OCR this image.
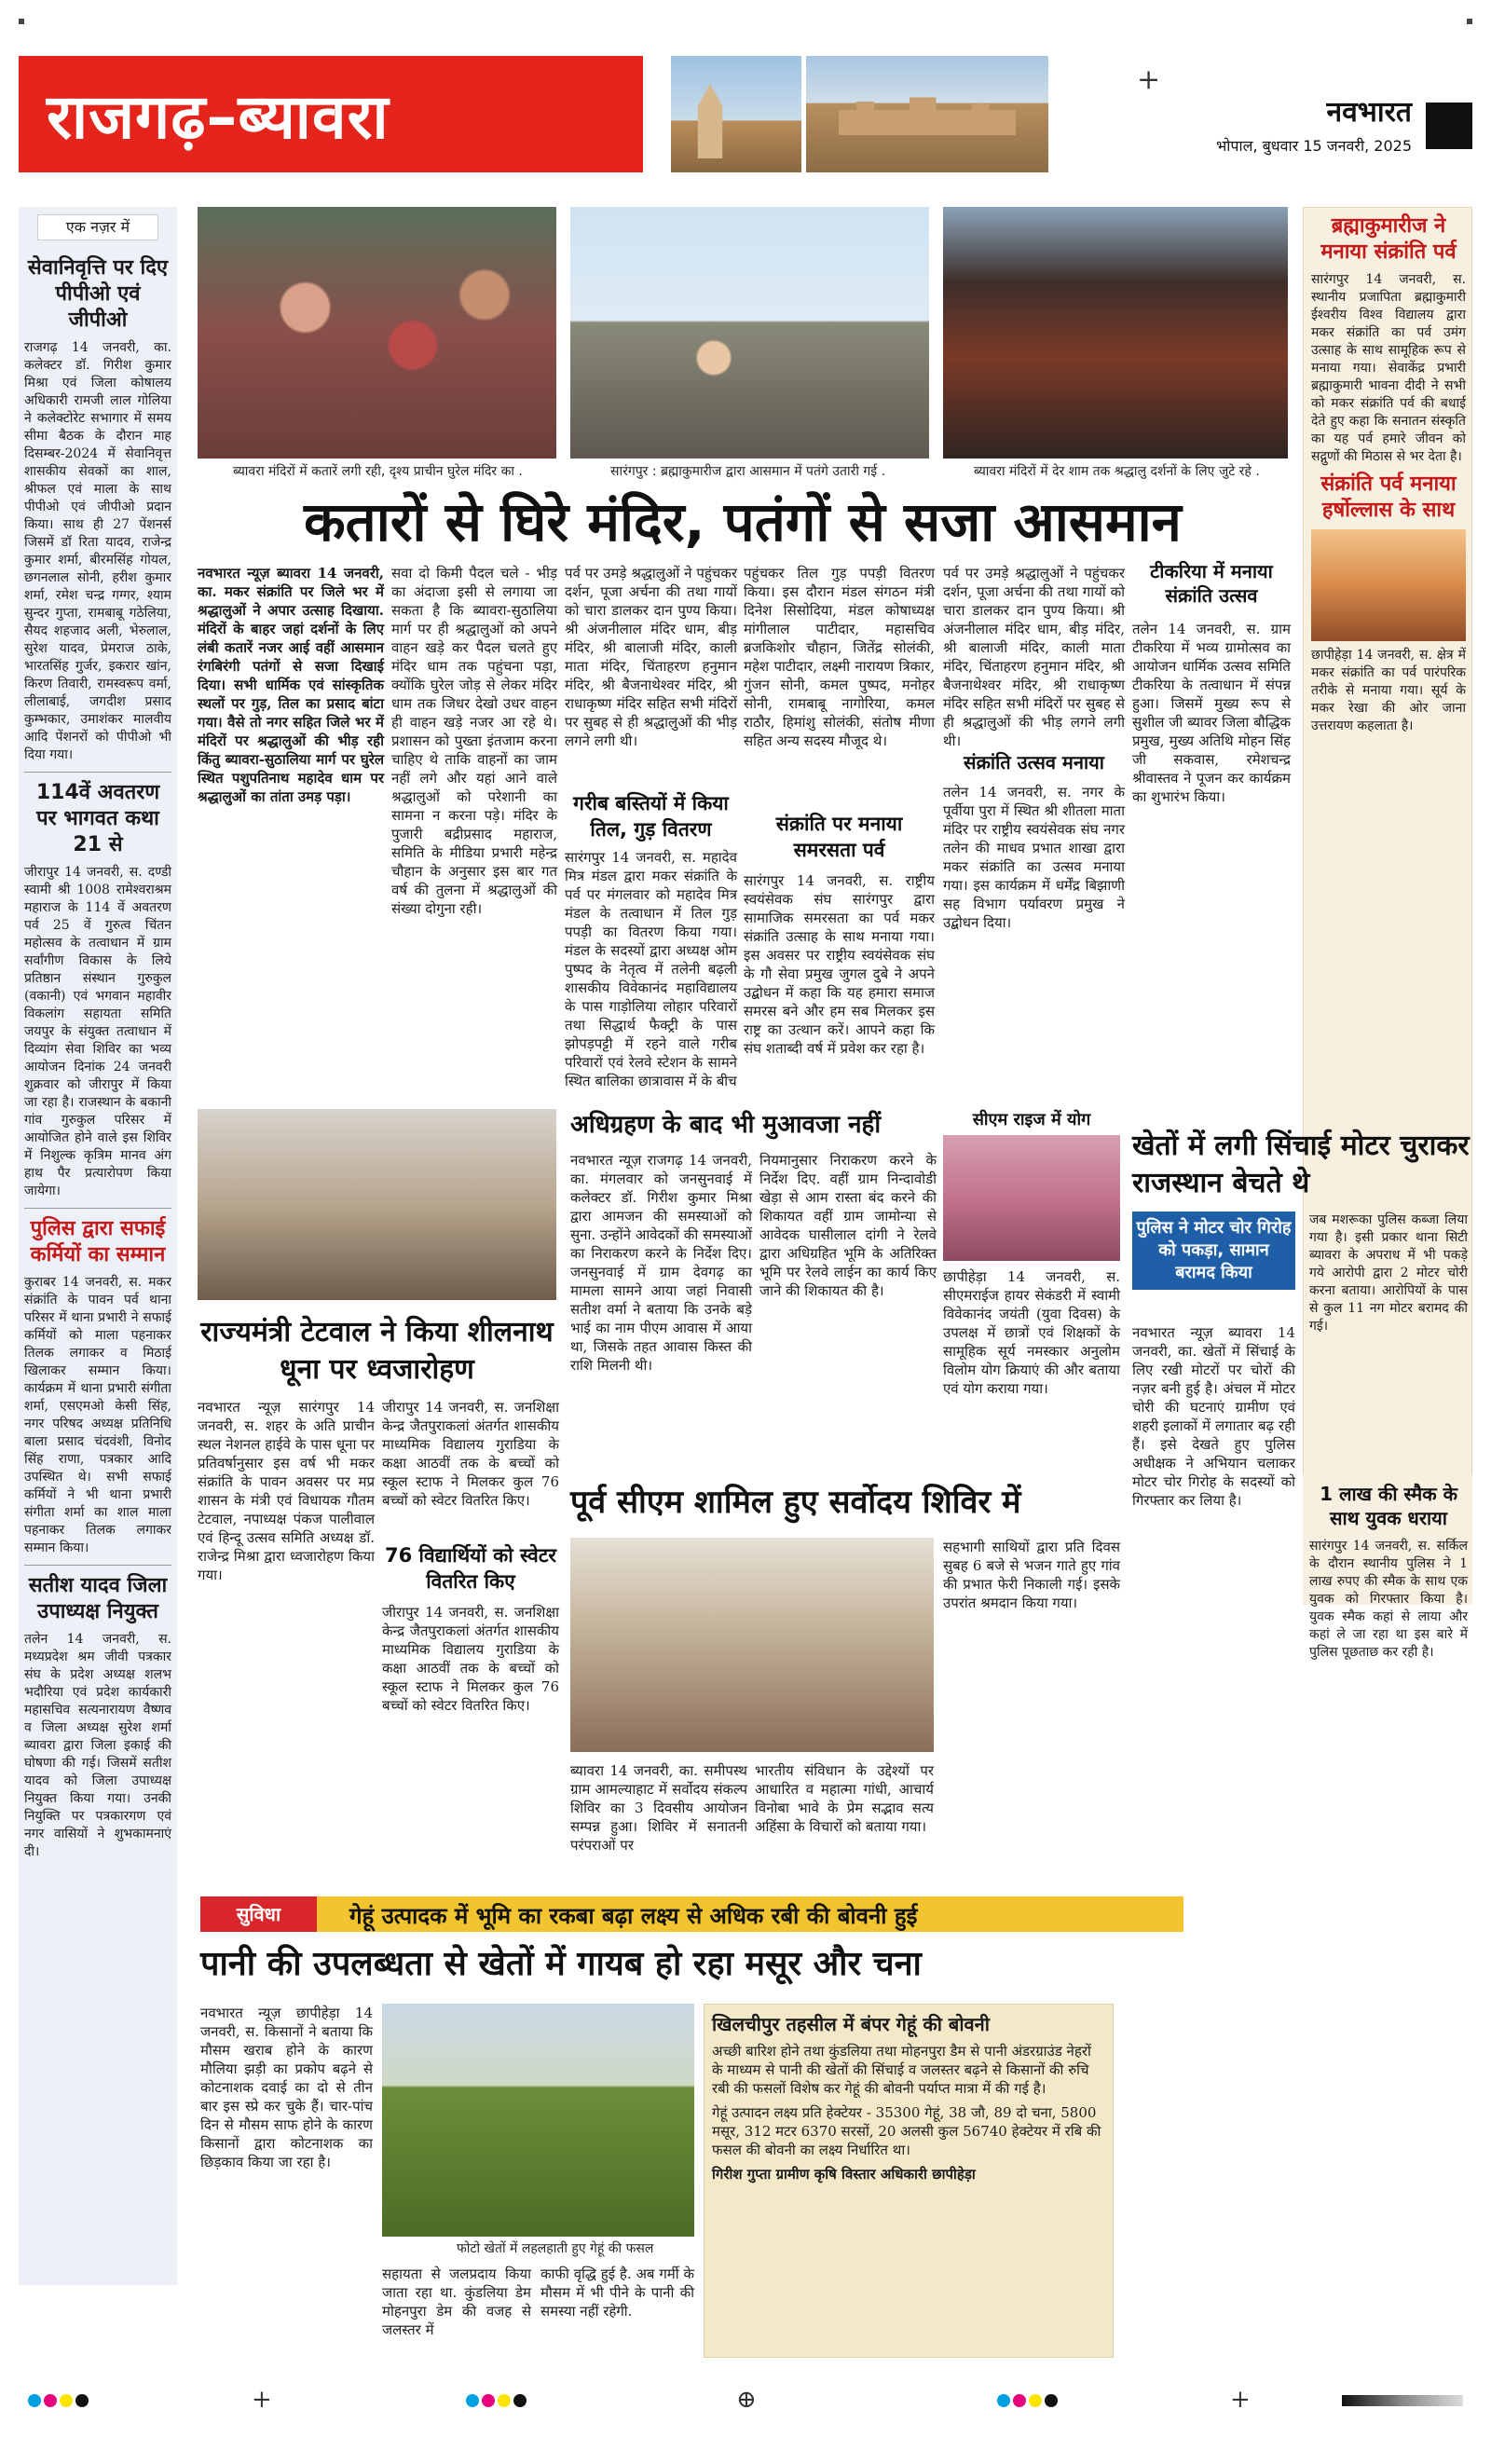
राजगढ़–ब्यावरा
+
नवभारत
भोपाल, बुधवार 15 जनवरी, 2025
एक नज़र में
सेवानिवृत्ति पर दिए पीपीओ एवं जीपीओ

राजगढ़ 14 जनवरी, का. कलेक्टर डॉ. गिरीश कुमार मिश्रा एवं जिला कोषालय अधिकारी रामजी लाल गोलिया ने कलेक्टोरेट सभागार में समय सीमा बैठक के दौरान माह दिसम्बर-2024 में सेवानिवृत्त शासकीय सेवकों का शाल, श्रीफल एवं माला के साथ पीपीओ एवं जीपीओ प्रदान किया। साथ ही 27 पेंशनर्स जिसमें डॉ रिता यादव, राजेन्द्र कुमार शर्मा, बीरमसिंह गोयल, छगनलाल सोनी, हरीश कुमार शर्मा, रमेश चन्द्र गग्गर, श्याम सुन्दर गुप्ता, रामबाबू गठेलिया, सैयद शहजाद अली, भेरुलाल, सुरेश यादव, प्रेमराज ठाके, भारतसिंह गुर्जर, इकरार खांन, किरण तिवारी, रामस्वरूप वर्मा, लीलाबाई, जगदीश प्रसाद कुम्भकार, उमाशंकर मालवीय आदि पेंशनरों को पीपीओ भी दिया गया।

114वें अवतरण पर भागवत कथा 21 से

जीरापुर 14 जनवरी, स. दण्डी स्वामी श्री 1008 रामेश्वराश्रम महाराज के 114 वें अवतरण पर्व 25 वें गुरुत्व चिंतन महोत्सव के तत्वाधान में ग्राम सर्वांगीण विकास के लिये प्रतिष्ठान संस्थान गुरुकुल (वकानी) एवं भगवान महावीर विकलांग सहायता समिति जयपुर के संयुक्त तत्वाधान में दिव्यांग सेवा शिविर का भव्य आयोजन दिनांक 24 जनवरी शुक्रवार को जीरापुर में किया जा रहा है। राजस्थान के बकानी गांव गुरुकुल परिसर में आयोजित होने वाले इस शिविर में निशुल्क कृत्रिम मानव अंग हाथ पैर प्रत्यारोपण किया जायेगा।

पुलिस द्वारा सफाई कर्मियों का सम्मान

कुराबर 14 जनवरी, स. मकर संक्रांति के पावन पर्व थाना परिसर में थाना प्रभारी ने सफाई कर्मियों को माला पहनाकर तिलक लगाकर व मिठाई खिलाकर सम्मान किया। कार्यक्रम में थाना प्रभारी संगीता शर्मा, एसएमओ केसी सिंह, नगर परिषद अध्यक्ष प्रतिनिधि बाला प्रसाद चंदवंशी, विनोद सिंह राणा, पत्रकार आदि उपस्थित थे। सभी सफाई कर्मियों ने भी थाना प्रभारी संगीता शर्मा का शाल माला पहनाकर तिलक लगाकर सम्मान किया।

सतीश यादव जिला उपाध्यक्ष नियुक्त

तलेन 14 जनवरी, स. मध्यप्रदेश श्रम जीवी पत्रकार संघ के प्रदेश अध्यक्ष शलभ भदौरिया एवं प्रदेश कार्यकारी महासचिव सत्यनारायण वैष्णव व जिला अध्यक्ष सुरेश शर्मा ब्यावरा द्वारा जिला इकाई की घोषणा की गई। जिसमें सतीश यादव को जिला उपाध्यक्ष नियुक्त किया गया। उनकी नियुक्ति पर पत्रकारगण एवं नगर वासियों ने शुभकामनाएं दी।

ब्यावरा मंदिरों में कतारें लगी रही, दृश्य प्राचीन घुरेल मंदिर का .	सारंगपुर : ब्रह्माकुमारीज द्वारा आसमान में पतंगे उतारी गई .	ब्यावरा मंदिरों में देर शाम तक श्रद्धालु दर्शनों के लिए जुटे रहे .
कतारों से घिरे मंदिर, पतंगों से सजा आसमान

नवभारत न्यूज़ ब्यावरा 14 जनवरी, का. मकर संक्रांति पर जिले भर में श्रद्धालुओं ने अपार उत्साह दिखाया. मंदिरों के बाहर जहां दर्शनों के लिए लंबी कतारें नजर आई वहीं आसमान रंगबिरंगी पतंगों से सजा दिखाई दिया। सभी धार्मिक एवं सांस्कृतिक स्थलों पर गुड़, तिल का प्रसाद बांटा गया। वैसे तो नगर सहित जिले भर में मंदिरों पर श्रद्धालुओं की भीड़ रही किंतु ब्यावरा-सुठालिया मार्ग पर घुरेल स्थित पशुपतिनाथ महादेव धाम पर श्रद्धालुओं का तांता उमड़ पड़ा।

सवा दो किमी पैदल चले - भीड़ का अंदाजा इसी से लगाया जा सकता है कि ब्यावरा-सुठालिया मार्ग पर ही श्रद्धालुओं को अपने वाहन खड़े कर पैदल चलते हुए मंदिर धाम तक पहुंचना पड़ा, क्योंकि घुरेल जोड़ से लेकर मंदिर धाम तक जिधर देखो उधर वाहन ही वाहन खड़े नजर आ रहे थे। प्रशासन को पुख्ता इंतजाम करना चाहिए थे ताकि वाहनों का जाम नहीं लगे और यहां आने वाले श्रद्धालुओं को परेशानी का सामना न करना पड़े। मंदिर के पुजारी बद्रीप्रसाद महाराज, समिति के मीडिया प्रभारी महेन्द्र चौहान के अनुसार इस बार गत वर्ष की तुलना में श्रद्धालुओं की संख्या दोगुना रही।

पर्व पर उमड़े श्रद्धालुओं ने पहुंचकर दर्शन, पूजा अर्चना की तथा गायों को चारा डालकर दान पुण्य किया। श्री अंजनीलाल मंदिर धाम, बीड़ मंदिर, श्री बालाजी मंदिर, काली माता मंदिर, चिंताहरण हनुमान मंदिर, श्री बैजनाथेश्वर मंदिर, श्री राधाकृष्ण मंदिर सहित सभी मंदिरों पर सुबह से ही श्रद्धालुओं की भीड़ लगने लगी थी।

पहुंचकर तिल गुड़ पपड़ी वितरण किया। इस दौरान मंडल संगठन मंत्री दिनेश सिसोदिया, मंडल कोषाध्यक्ष मांगीलाल पाटीदार, महासचिव ब्रजकिशोर चौहान, जितेंद्र सोलंकी, महेश पाटीदार, लक्ष्मी नारायण त्रिकार, गुंजन सोनी, कमल पुष्पद, मनोहर सोनी, रामबाबू नागोरिया, कमल राठौर, हिमांशु सोलंकी, संतोष मीणा सहित अन्य सदस्य मौजूद थे।

गरीब बस्तियों में किया तिल, गुड़ वितरण

सारंगपुर 14 जनवरी, स. महादेव मित्र मंडल द्वारा मकर संक्रांति के पर्व पर मंगलवार को महादेव मित्र मंडल के तत्वाधान में तिल गुड़ पपड़ी का वितरण किया गया। मंडल के सदस्यों द्वारा अध्यक्ष ओम पुष्पद के नेतृत्व में तलेनी बढ़ली शासकीय विवेकानंद महाविद्यालय के पास गाड़ोलिया लोहार परिवारों तथा सिद्धार्थ फैक्ट्री के पास झोपड़पट्टी में रहने वाले गरीब परिवारों एवं रेलवे स्टेशन के सामने स्थित बालिका छात्रावास में के बीच

संक्रांति पर मनाया समरसता पर्व

सारंगपुर 14 जनवरी, स. राष्ट्रीय स्वयंसेवक संघ सारंगपुर द्वारा सामाजिक समरसता का पर्व मकर संक्रांति उत्साह के साथ मनाया गया। इस अवसर पर राष्ट्रीय स्वयंसेवक संघ के गौ सेवा प्रमुख जुगल दुबे ने अपने उद्बोधन में कहा कि यह हमारा समाज समरस बने और हम सब मिलकर इस राष्ट्र का उत्थान करें। आपने कहा कि संघ शताब्दी वर्ष में प्रवेश कर रहा है।

संक्रांति उत्सव मनाया

तलेन 14 जनवरी, स. नगर के पूर्वीया पुरा में स्थित श्री शीतला माता मंदिर पर राष्ट्रीय स्वयंसेवक संघ नगर तलेन की माधव प्रभात शाखा द्वारा मकर संक्रांति का उत्सव मनाया गया। इस कार्यक्रम में धर्मेंद्र बिझाणी सह विभाग पर्यावरण प्रमुख ने उद्बोधन दिया।

पर्व पर उमड़े श्रद्धालुओं ने पहुंचकर दर्शन, पूजा अर्चना की तथा गायों को चारा डालकर दान पुण्य किया। श्री अंजनीलाल मंदिर धाम, बीड़ मंदिर, श्री बालाजी मंदिर, काली माता मंदिर, चिंताहरण हनुमान मंदिर, श्री बैजनाथेश्वर मंदिर, श्री राधाकृष्ण मंदिर सहित सभी मंदिरों पर सुबह से ही श्रद्धालुओं की भीड़ लगने लगी थी।

टीकरिया में मनाया संक्रांति उत्सव

तलेन 14 जनवरी, स. ग्राम टीकरिया में भव्य ग्रामोत्सव का आयोजन धार्मिक उत्सव समिति टीकरिया के तत्वाधान में संपन्न हुआ। जिसमें मुख्य रूप से सुशील जी ब्यावर जिला बौद्धिक प्रमुख, मुख्य अतिथि मोहन सिंह जी सकवास, रमेशचन्द्र श्रीवास्तव ने पूजन कर कार्यक्रम का शुभारंभ किया।

ब्रह्माकुमारीज ने मनाया संक्रांति पर्व

सारंगपुर 14 जनवरी, स. स्थानीय प्रजापिता ब्रह्माकुमारी ईश्वरीय विश्व विद्यालय द्वारा मकर संक्रांति का पर्व उमंग उत्साह के साथ सामूहिक रूप से मनाया गया। सेवाकेंद्र प्रभारी ब्रह्माकुमारी भावना दीदी ने सभी को मकर संक्रांति पर्व की बधाई देते हुए कहा कि सनातन संस्कृति का यह पर्व हमारे जीवन को सद्गुणों की मिठास से भर देता है।

संक्रांति पर्व मनाया हर्षोल्लास के साथ

छापीहेड़ा 14 जनवरी, स. क्षेत्र में मकर संक्रांति का पर्व पारंपरिक तरीके से मनाया गया। सूर्य के मकर रेखा की ओर जाना उत्तरायण कहलाता है।

1 लाख की स्मैक के साथ युवक धराया

सारंगपुर 14 जनवरी, स. सर्किल के दौरान स्थानीय पुलिस ने 1 लाख रुपए की स्मैक के साथ एक युवक को गिरफ्तार किया है। युवक स्मैक कहां से लाया और कहां ले जा रहा था इस बारे में पुलिस पूछताछ कर रही है।

अधिग्रहण के बाद भी मुआवजा नहीं

नवभारत न्यूज़ राजगढ़ 14 जनवरी, का. मंगलवार को जनसुनवाई में कलेक्टर डॉ. गिरीश कुमार मिश्रा द्वारा आमजन की समस्याओं को सुना. उन्होंने आवेदकों की समस्याओं का निराकरण करने के निर्देश दिए। जनसुनवाई में ग्राम देवगढ़ का मामला सामने आया जहां निवासी सतीश वर्मा ने बताया कि उनके बड़े भाई का नाम पीएम आवास में आया था, जिसके तहत आवास किस्त की राशि मिलनी थी।

नियमानुसार निराकरण करने के निर्देश दिए. वहीं ग्राम निन्दावोडी खेड़ा से आम रास्ता बंद करने की शिकायत वहीं ग्राम जामोन्या से आवेदक घासीलाल दांगी ने रेलवे द्वारा अधिग्रहित भूमि के अतिरिक्त भूमि पर रेलवे लाईन का कार्य किए जाने की शिकायत की है।

सीएम राइज में योग

छापीहेड़ा 14 जनवरी, स. सीएमराईज हायर सेकंडरी में स्वामी विवेकानंद जयंती (युवा दिवस) के उपलक्ष में छात्रों एवं शिक्षकों के सामूहिक सूर्य नमस्कार अनुलोम विलोम योग क्रियाएं की और बताया एवं योग कराया गया।

खेतों में लगी सिंचाई मोटर चुराकर राजस्थान बेचते थे
पुलिस ने मोटर चोर गिरोह को पकड़ा, सामान बरामद किया

नवभारत न्यूज़ ब्यावरा 14 जनवरी, का. खेतों में सिंचाई के लिए रखी मोटरों पर चोरों की नज़र बनी हुई है। अंचल में मोटर चोरी की घटनाएं ग्रामीण एवं शहरी इलाकों में लगातार बढ़ रही हैं। इसे देखते हुए पुलिस अधीक्षक ने अभियान चलाकर मोटर चोर गिरोह के सदस्यों को गिरफ्तार कर लिया है।

जब मशरूका पुलिस कब्जा लिया गया है। इसी प्रकार थाना सिटी ब्यावरा के अपराध में भी पकड़े गये आरोपी द्वारा 2 मोटर चोरी करना बताया। आरोपियों के पास से कुल 11 नग मोटर बरामद की गई।

राज्यमंत्री टेटवाल ने किया शीलनाथ धूना पर ध्वजारोहण

नवभारत न्यूज़ सारंगपुर 14 जनवरी, स. शहर के अति प्राचीन स्थल नेशनल हाईवे के पास धूना पर प्रतिवर्षानुसार इस वर्ष भी मकर संक्रांति के पावन अवसर पर मप्र शासन के मंत्री एवं विधायक गौतम टेटवाल, नपाध्यक्ष पंकज पालीवाल एवं हिन्दू उत्सव समिति अध्यक्ष डॉ. राजेन्द्र मिश्रा द्वारा ध्वजारोहण किया गया।

जीरापुर 14 जनवरी, स. जनशिक्षा केन्द्र जैतपुराकलां अंतर्गत शासकीय माध्यमिक विद्यालय गुराडिया के कक्षा आठवीं तक के बच्चों को स्कूल स्टाफ ने मिलकर कुल 76 बच्चों को स्वेटर वितरित किए।

76 विद्यार्थियों को स्वेटर वितरित किए

जीरापुर 14 जनवरी, स. जनशिक्षा केन्द्र जैतपुराकलां अंतर्गत शासकीय माध्यमिक विद्यालय गुराडिया के कक्षा आठवीं तक के बच्चों को स्कूल स्टाफ ने मिलकर कुल 76 बच्चों को स्वेटर वितरित किए।

पूर्व सीएम शामिल हुए सर्वोदय शिविर में

ब्यावरा 14 जनवरी, का. समीपस्थ ग्राम आमल्याहाट में सर्वोदय संकल्प शिविर का 3 दिवसीय आयोजन सम्पन्न हुआ। शिविर में सनातनी परंपराओं पर

भारतीय संविधान के उद्देश्यों पर आधारित व महात्मा गांधी, आचार्य विनोबा भावे के प्रेम सद्भाव सत्य अहिंसा के विचारों को बताया गया।

सहभागी साथियों द्वारा प्रति दिवस सुबह 6 बजे से भजन गाते हुए गांव की प्रभात फेरी निकाली गई। इसके उपरांत श्रमदान किया गया।

सुविधा	गेहूं उत्पादक में भूमि का रकबा बढ़ा लक्ष्य से अधिक रबी की बोवनी हुई
पानी की उपलब्धता से खेतों में गायब हो रहा मसूर और चना

नवभारत न्यूज़ छापीहेड़ा 14 जनवरी, स. किसानों ने बताया कि मौसम खराब होने के कारण मौलिया झड़ी का प्रकोप बढ़ने से कोटनाशक दवाई का दो से तीन बार इस स्प्रे कर चुके हैं। चार-पांच दिन से मौसम साफ होने के कारण किसानों द्वारा कोटनाशक का छिड़काव किया जा रहा है।

फोटो खेतों में लहलहाती हुए गेहूं की फसल

सहायता से जलप्रदाय किया जाता रहा था. कुंडलिया डेम मोहनपुरा डेम की वजह से जलस्तर में

काफी वृद्धि हुई है. अब गर्मी के मौसम में भी पीने के पानी की समस्या नहीं रहेगी.

खिलचीपुर तहसील में बंपर गेहूं की बोवनी

अच्छी बारिश होने तथा कुंडलिया तथा मोहनपुरा डैम से पानी अंडरग्राउंड नेहरों के माध्यम से पानी की खेतों की सिंचाई व जलस्तर बढ़ने से किसानों की रुचि रबी की फसलों विशेष कर गेहूं की बोवनी पर्याप्त मात्रा में की गई है।

गेहूं उत्पादन लक्ष्य प्रति हेक्टेयर - 35300 गेहूं, 38 जौ, 89 दो चना, 5800 मसूर, 312 मटर 6370 सरसों, 20 अलसी कुल 56740 हेक्टेयर में रबि की फसल की बोवनी का लक्ष्य निर्धारित था।

गिरीश गुप्ता ग्रामीण कृषि विस्तार अधिकारी छापीहेड़ा

⊕
+	+
